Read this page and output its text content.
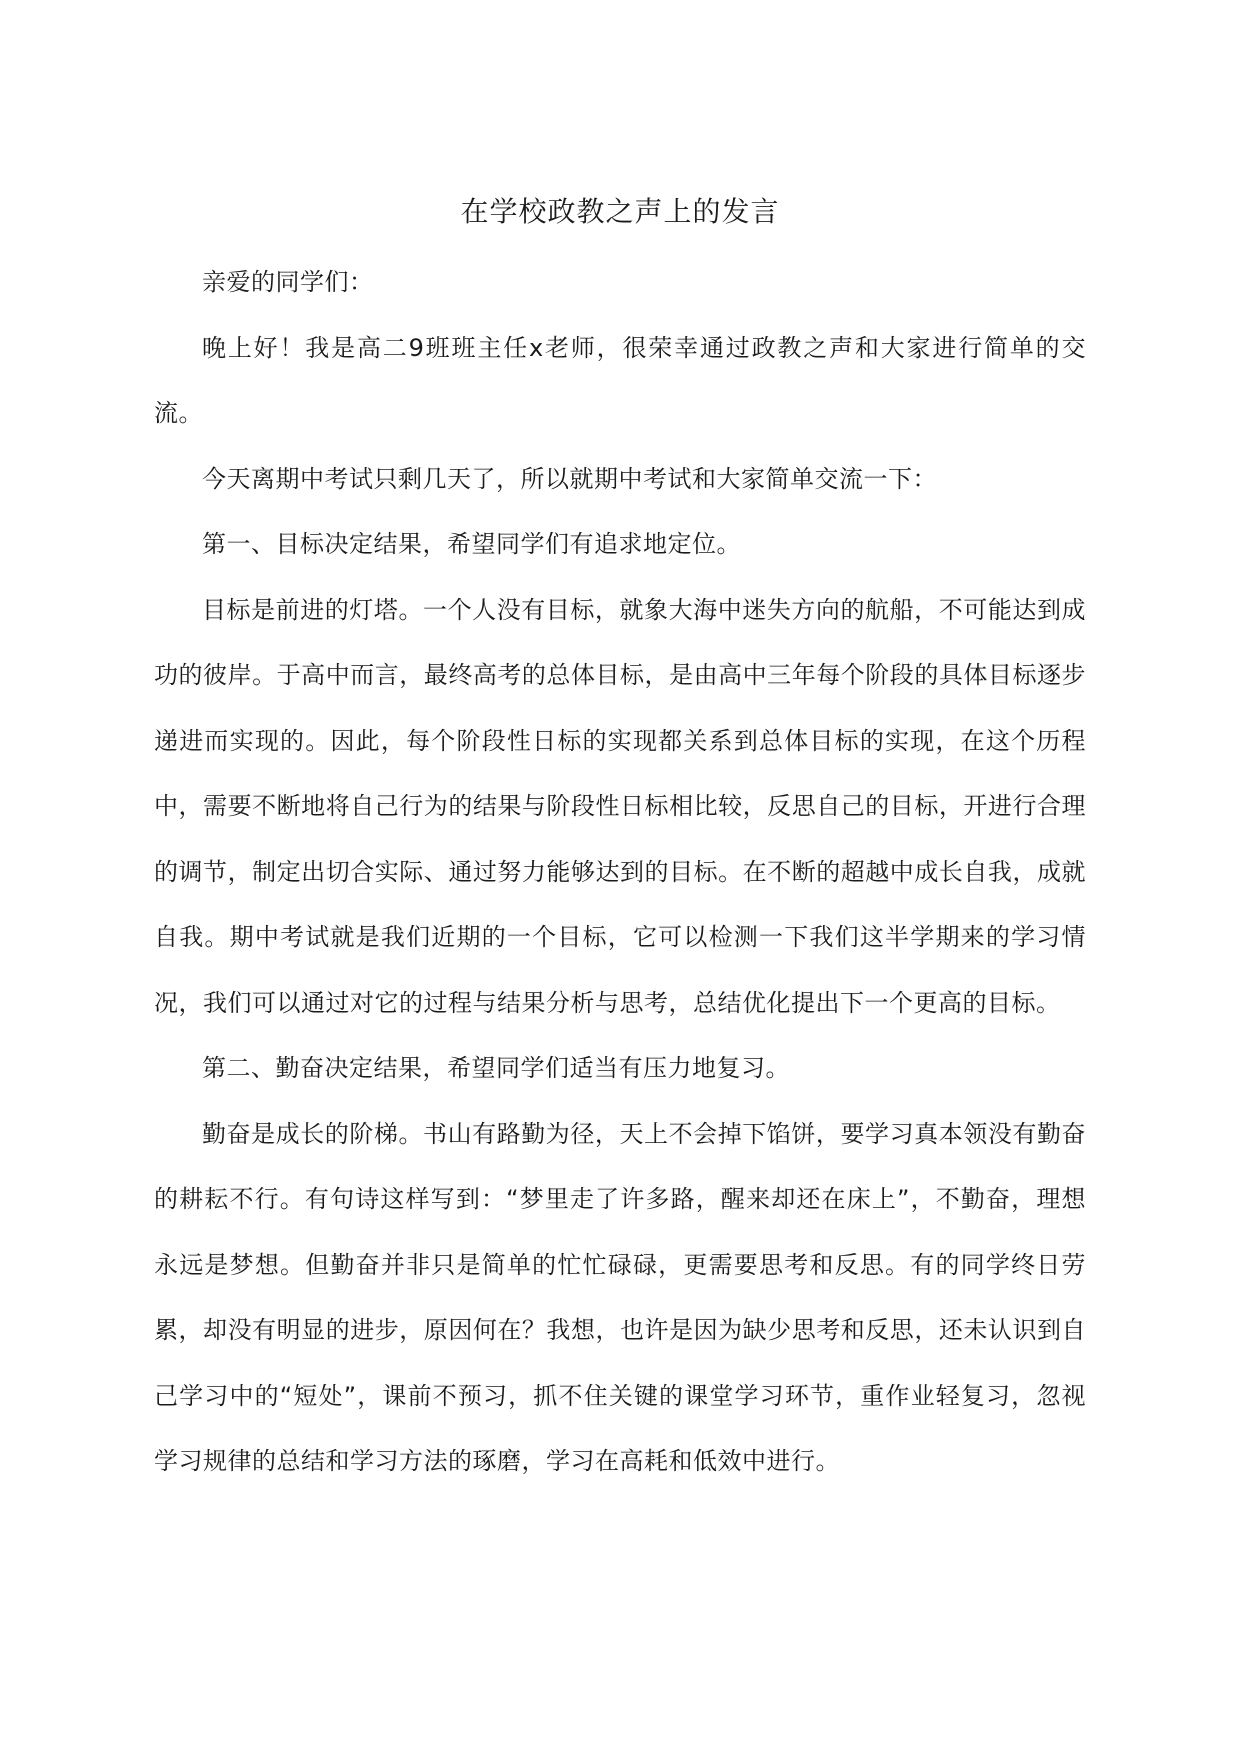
在学校政教之声上的发言

亲爱的同学们：

晚上好！我是高二9班班主任x老师，很荣幸通过政教之声和大家进行简单的交流。

今天离期中考试只剩几天了，所以就期中考试和大家简单交流一下：

第一、目标决定结果，希望同学们有追求地定位。

目标是前进的灯塔。一个人没有目标，就象大海中迷失方向的航船，不可能达到成功的彼岸。于高中而言，最终高考的总体目标，是由高中三年每个阶段的具体目标逐步递进而实现的。因此，每个阶段性日标的实现都关系到总体目标的实现，在这个历程中，需要不断地将自己行为的结果与阶段性日标相比较，反思自己的目标，开进行合理的调节，制定出切合实际、通过努力能够达到的目标。在不断的超越中成长自我，成就自我。期中考试就是我们近期的一个目标，它可以检测一下我们这半学期来的学习情况，我们可以通过对它的过程与结果分析与思考，总结优化提出下一个更高的目标。

第二、勤奋决定结果，希望同学们适当有压力地复习。

勤奋是成长的阶梯。书山有路勤为径，天上不会掉下馅饼，要学习真本领没有勤奋的耕耘不行。有句诗这样写到：“梦里走了许多路，醒来却还在床上”，不勤奋，理想永远是梦想。但勤奋并非只是简单的忙忙碌碌，更需要思考和反思。有的同学终日劳累，却没有明显的进步，原因何在？我想，也许是因为缺少思考和反思，还未认识到自己学习中的“短处”，课前不预习，抓不住关键的课堂学习环节，重作业轻复习，忽视学习规律的总结和学习方法的琢磨，学习在高耗和低效中进行。
